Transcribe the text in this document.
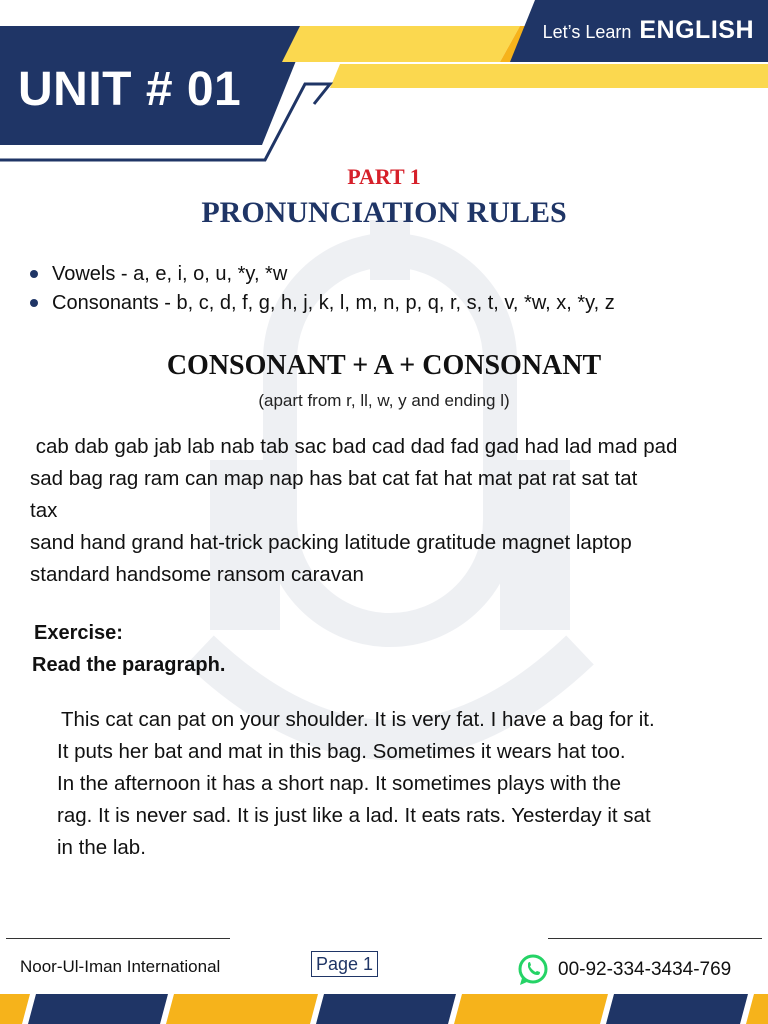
UNIT # 01
Let’s Learn ENGLISH
PART 1
PRONUNCIATION RULES
Vowels - a, e, i, o, u, *y, *w
Consonants - b, c, d, f, g, h, j, k, l, m, n, p, q, r, s, t, v, *w, x, *y, z
CONSONANT + A + CONSONANT
(apart from r, ll, w, y and ending l)
cab dab gab jab lab nab tab sac bad cad dad fad gad had lad mad pad
sad bag rag ram can map nap has bat cat fat hat mat pat rat sat tat
tax
sand hand grand hat-trick packing latitude gratitude magnet laptop
standard handsome ransom caravan
Exercise:
Read the paragraph.
This cat can pat on your shoulder. It is very fat. I have a bag for it.
It puts her bat and mat in this bag. Sometimes it wears hat too.
In the afternoon it has a short nap. It sometimes plays with the
rag. It is never sad. It is just like a lad. It eats rats. Yesterday it sat
in the lab.
Noor-Ul-Iman International	Page 1	00-92-334-3434-769
